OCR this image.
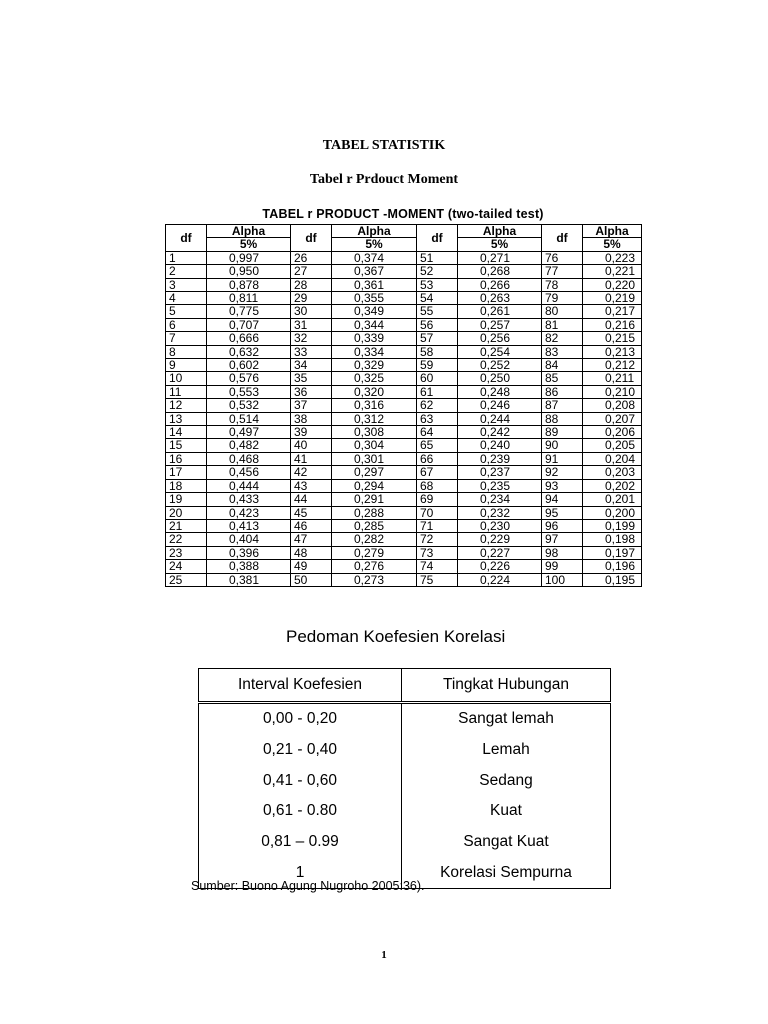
TABEL STATISTIK
Tabel r Prdouct Moment
TABEL r PRODUCT -MOMENT (two-tailed test)
df	Alpha	df	Alpha	df	Alpha	df	Alpha
	5%		5%		5%		5%
1	0,997	26	0,374	51	0,271	76	0,223
2	0,950	27	0,367	52	0,268	77	0,221
3	0,878	28	0,361	53	0,266	78	0,220
4	0,811	29	0,355	54	0,263	79	0,219
5	0,775	30	0,349	55	0,261	80	0,217
6	0,707	31	0,344	56	0,257	81	0,216
7	0,666	32	0,339	57	0,256	82	0,215
8	0,632	33	0,334	58	0,254	83	0,213
9	0,602	34	0,329	59	0,252	84	0,212
10	0,576	35	0,325	60	0,250	85	0,211
11	0,553	36	0,320	61	0,248	86	0,210
12	0,532	37	0,316	62	0,246	87	0,208
13	0,514	38	0,312	63	0,244	88	0,207
14	0,497	39	0,308	64	0,242	89	0,206
15	0,482	40	0,304	65	0,240	90	0,205
16	0,468	41	0,301	66	0,239	91	0,204
17	0,456	42	0,297	67	0,237	92	0,203
18	0,444	43	0,294	68	0,235	93	0,202
19	0,433	44	0,291	69	0,234	94	0,201
20	0,423	45	0,288	70	0,232	95	0,200
21	0,413	46	0,285	71	0,230	96	0,199
22	0,404	47	0,282	72	0,229	97	0,198
23	0,396	48	0,279	73	0,227	98	0,197
24	0,388	49	0,276	74	0,226	99	0,196
25	0,381	50	0,273	75	0,224	100	0,195
Pedoman Koefesien Korelasi
Interval Koefesien	Tingkat Hubungan
0,00 - 0,20	Sangat lemah
0,21 - 0,40	Lemah
0,41 - 0,60	Sedang
0,61 - 0.80	Kuat
0,81 – 0.99	Sangat Kuat
1	Korelasi Sempurna
Sumber: Buono Agung Nugroho 2005:36).
1
